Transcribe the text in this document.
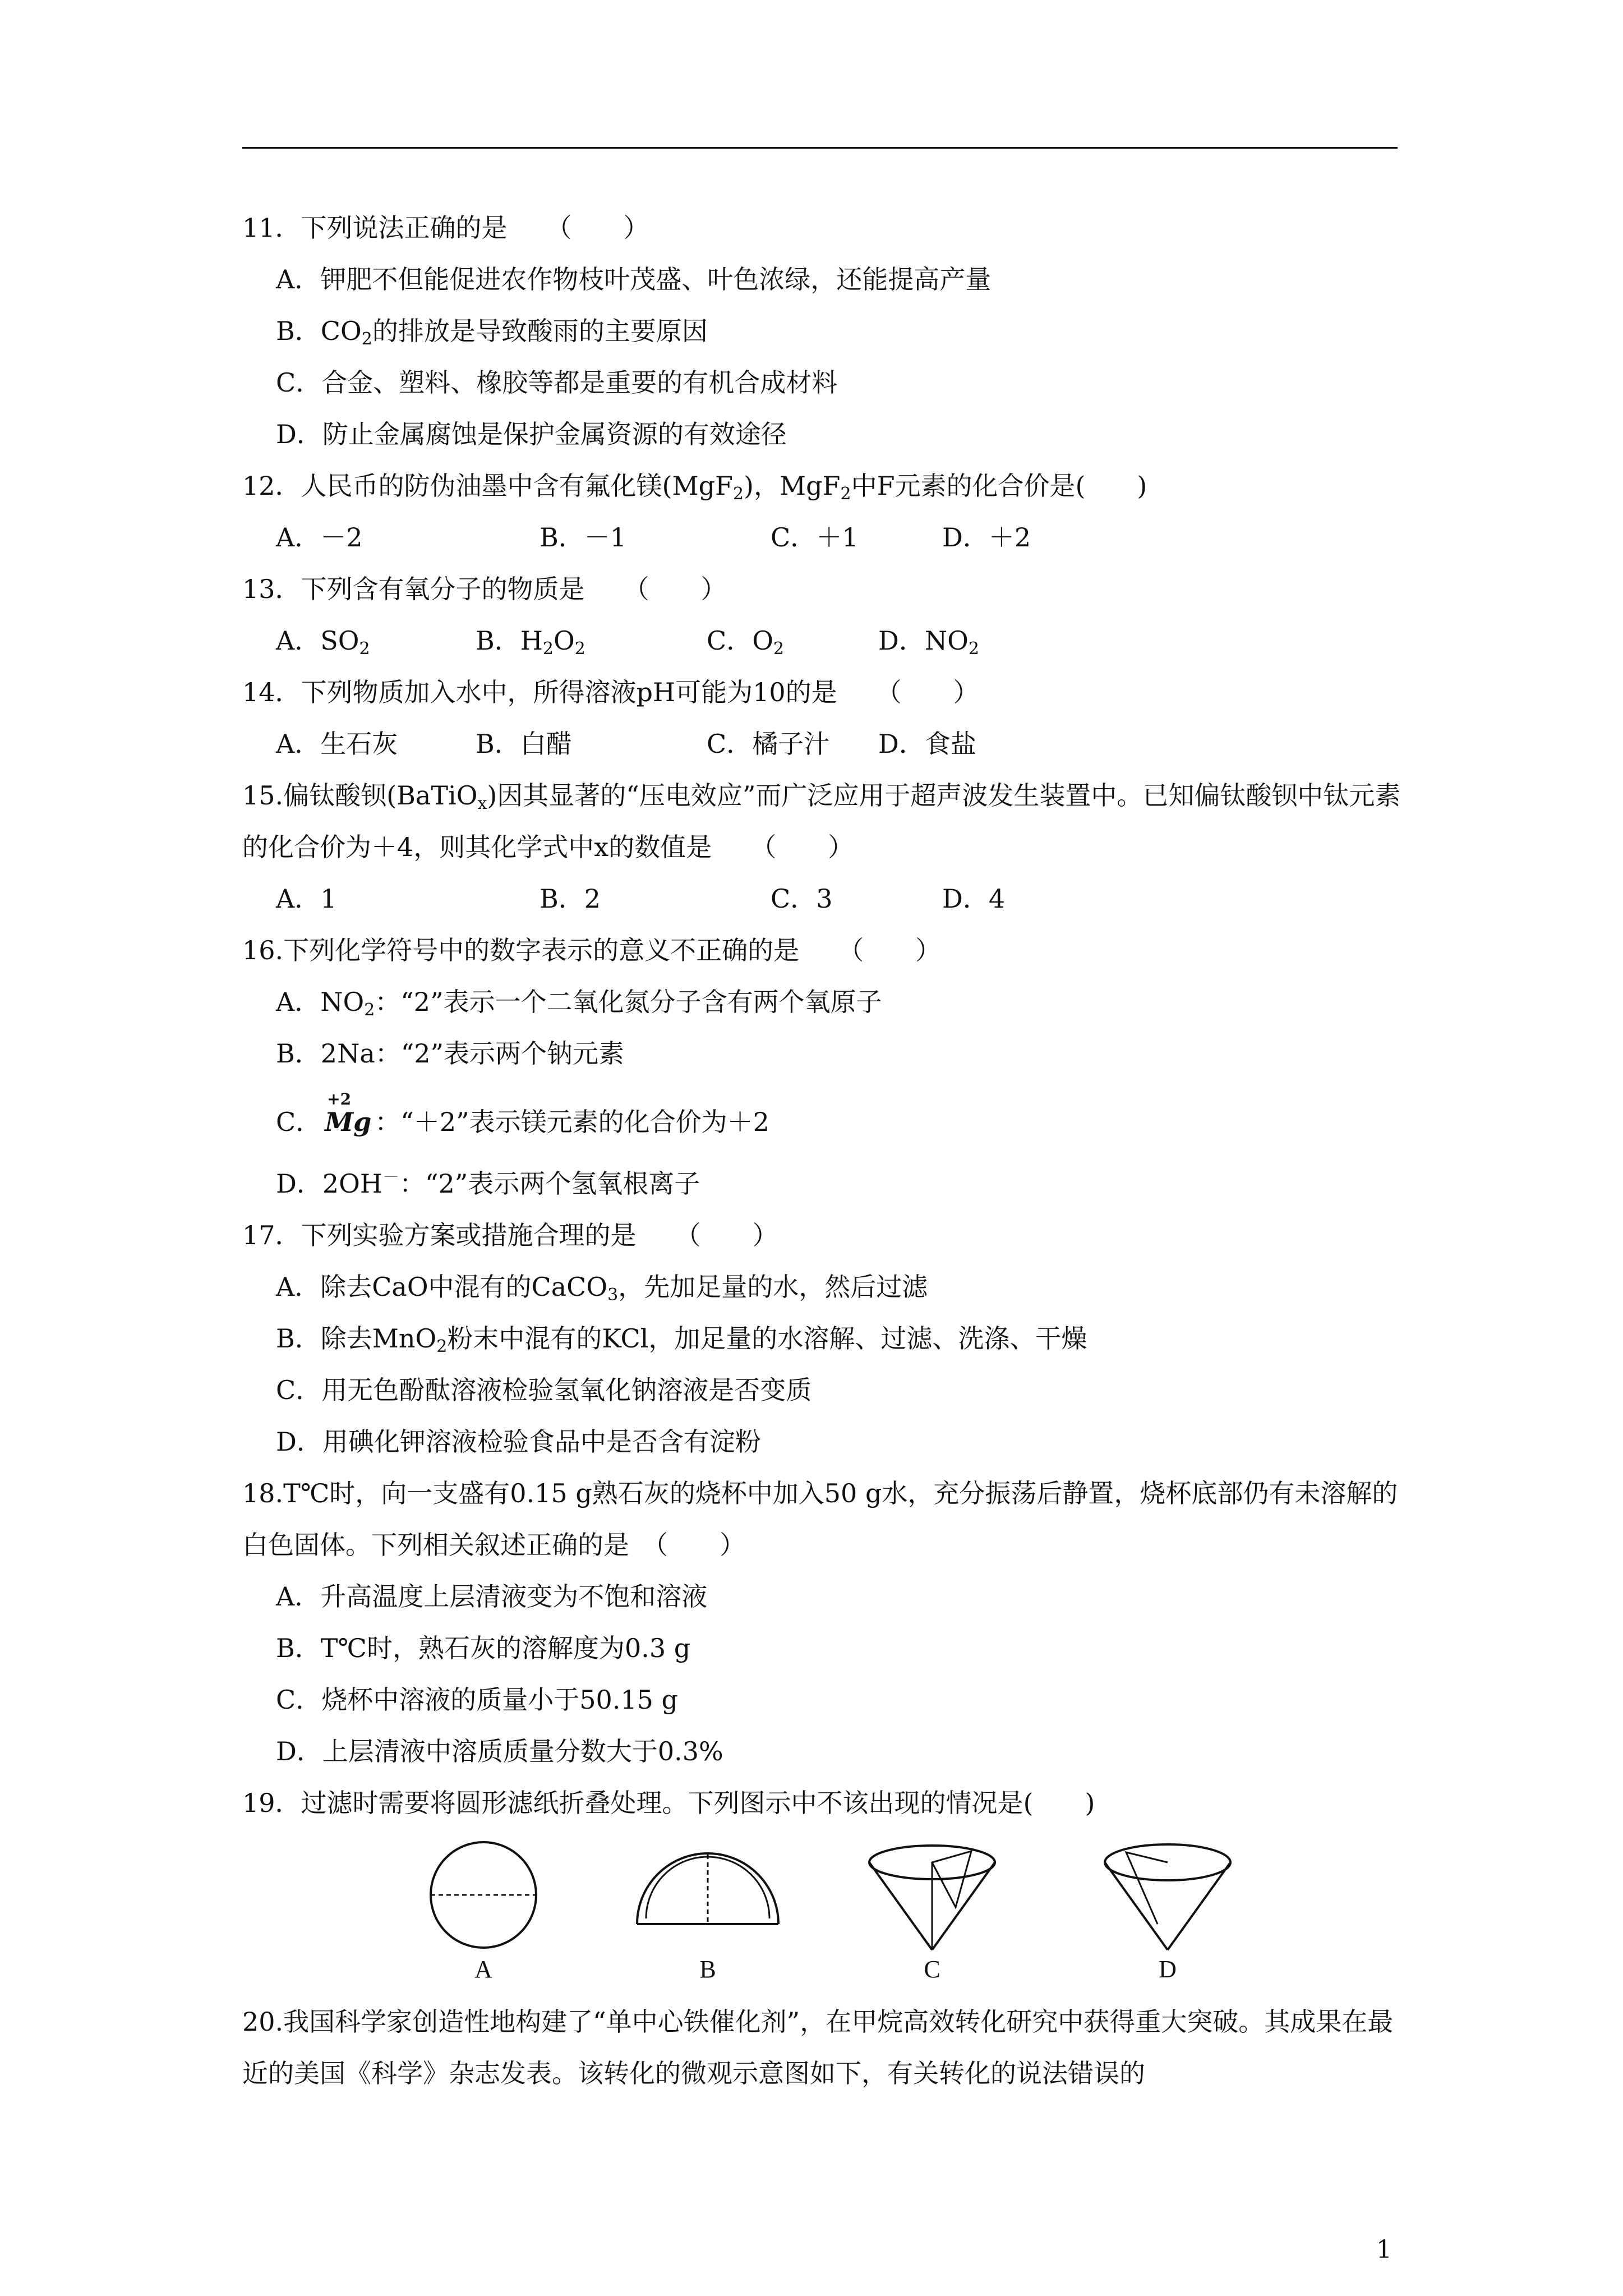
11．下列说法正确的是　　（　　）
A．钾肥不但能促进农作物枝叶茂盛、叶色浓绿，还能提高产量
B．$CO_2$的排放是导致酸雨的主要原因
C．合金、塑料、橡胶等都是重要的有机合成材料
D．防止金属腐蚀是保护金属资源的有效途径
12．人民币的防伪油墨中含有氟化镁(MgF$_2$)，MgF$_2$中F元素的化合价是(　　)
A．－2	B．－1	C．＋1	D．＋2
13．下列含有氧分子的物质是　　（　　）
A．$SO_2$	B．$H_2O_2$	C．$O_2$	D．$NO_2$
14．下列物质加入水中，所得溶液pH可能为10的是　　（　　）
A．生石灰	B．白醋	C．橘子汁	D．食盐
15.偏钛酸钡(BaTiO$_x$)因其显著的“压电效应”而广泛应用于超声波发生装置中。已知偏钛酸钡中钛元素的化合价为＋4，则其化学式中x的数值是　　（　　）
A．1	B．2	C．3	D．4
16.下列化学符号中的数字表示的意义不正确的是　　（　　）
A．$NO_2$：“2”表示一个二氧化氮分子含有两个氧原子
B．2Na：“2”表示两个钠元素
C．
+2
Mg ：“＋2”表示镁元素的化合价为＋2
D．2OH－：“2”表示两个氢氧根离子
17．下列实验方案或措施合理的是　　（　　）
A．除去CaO中混有的CaCO$_3$，先加足量的水，然后过滤
B．除去MnO$_2$粉末中混有的KCl，加足量的水溶解、过滤、洗涤、干燥
C．用无色酚酞溶液检验氢氧化钠溶液是否变质
D．用碘化钾溶液检验食品中是否含有淀粉
18.T℃时，向一支盛有0.15 g熟石灰的烧杯中加入50 g水，充分振荡后静置，烧杯底部仍有未溶解的白色固体。下列相关叙述正确的是　（　　）
A．升高温度上层清液变为不饱和溶液
B．T℃时，熟石灰的溶解度为0.3 g
C．烧杯中溶液的质量小于50.15 g
D．上层清液中溶质质量分数大于0.3%
19．过滤时需要将圆形滤纸折叠处理。下列图示中不该出现的情况是(　　)
A	B	C	D
20.我国科学家创造性地构建了“单中心铁催化剂”，在甲烷高效转化研究中获得重大突破。其成果在最近的美国《科学》杂志发表。该转化的微观示意图如下，有关转化的说法错误的
1
